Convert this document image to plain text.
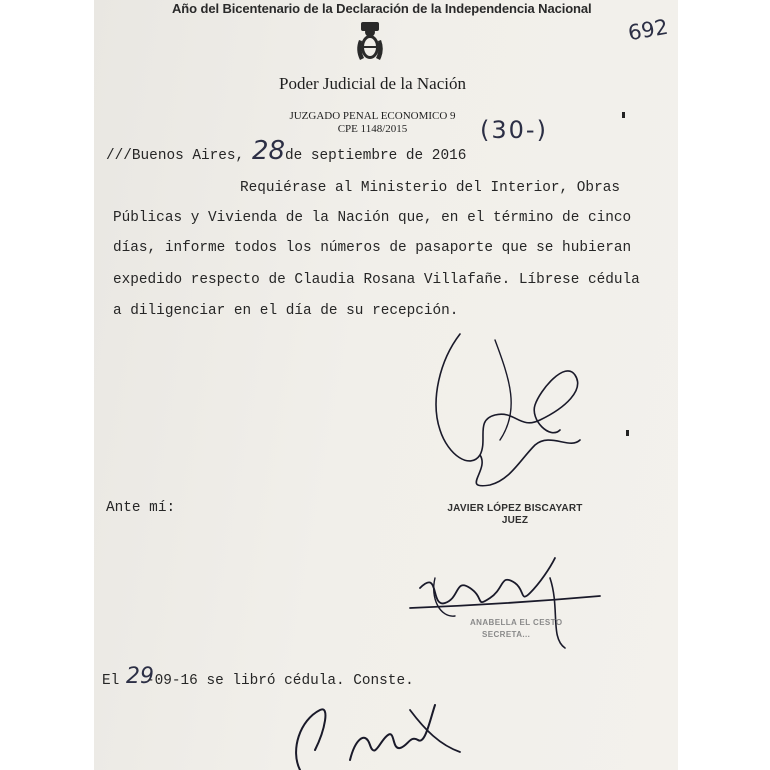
Año del Bicentenario de la Declaración de la Independencia Nacional

692

Poder Judicial de la Nación

JUZGADO PENAL ECONOMICO 9

CPE 1148/2015

///Buenos Aires, 28 de septiembre de 2016
(30-)
Requiérase al Ministerio del Interior, Obras
Públicas y Vivienda de la Nación que, en el término de cinco
días, informe todos los números de pasaporte que se hubieran
expedido respecto de Claudia Rosana Villafañe. Líbrese cédula
a diligenciar en el día de su recepción.

JAVIER LÓPEZ BISCAYART

JUEZ

Ante mí:

ANABELLA EL CESTO

SECRETA...

El 29
-09-16 se libró cédula. Conste.
